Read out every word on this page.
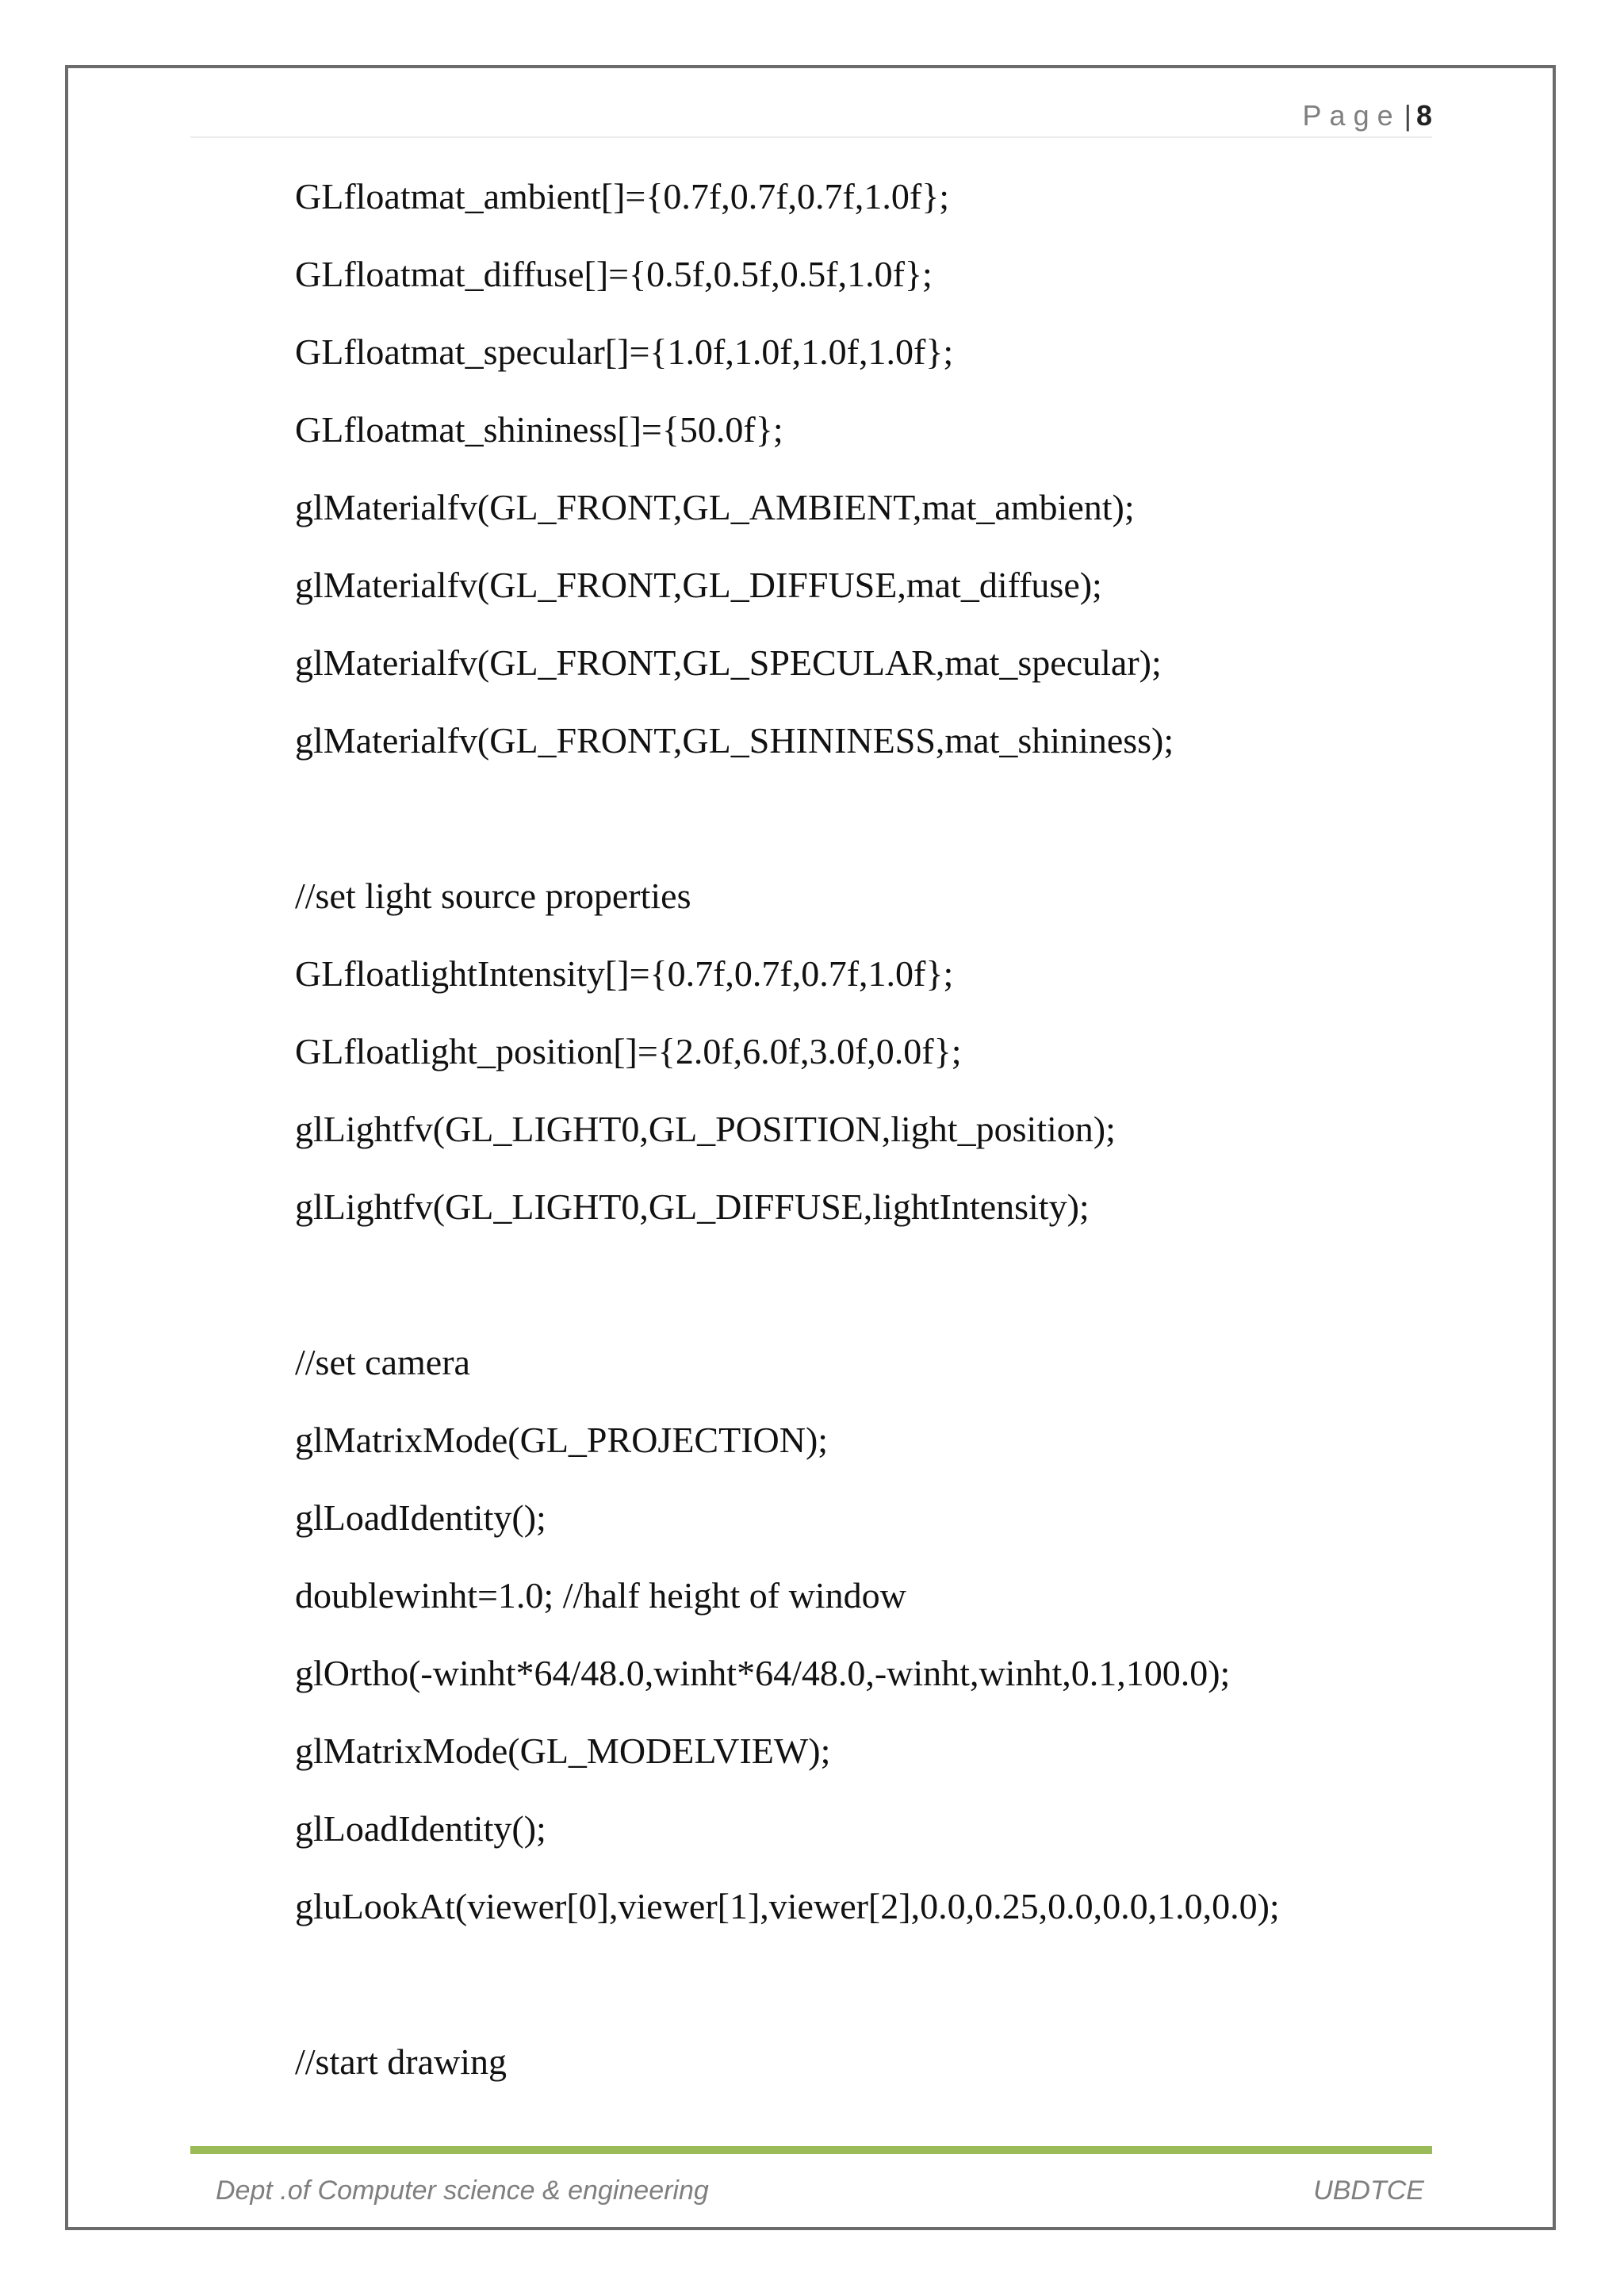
Page | 8
GLfloatmat_ambient[]={0.7f,0.7f,0.7f,1.0f};
GLfloatmat_diffuse[]={0.5f,0.5f,0.5f,1.0f};
GLfloatmat_specular[]={1.0f,1.0f,1.0f,1.0f};
GLfloatmat_shininess[]={50.0f};
glMaterialfv(GL_FRONT,GL_AMBIENT,mat_ambient);
glMaterialfv(GL_FRONT,GL_DIFFUSE,mat_diffuse);
glMaterialfv(GL_FRONT,GL_SPECULAR,mat_specular);
glMaterialfv(GL_FRONT,GL_SHININESS,mat_shininess);
//set light source properties
GLfloatlightIntensity[]={0.7f,0.7f,0.7f,1.0f};
GLfloatlight_position[]={2.0f,6.0f,3.0f,0.0f};
glLightfv(GL_LIGHT0,GL_POSITION,light_position);
glLightfv(GL_LIGHT0,GL_DIFFUSE,lightIntensity);
//set camera
glMatrixMode(GL_PROJECTION);
glLoadIdentity();
doublewinht=1.0; //half height of window
glOrtho(-winht*64/48.0,winht*64/48.0,-winht,winht,0.1,100.0);
glMatrixMode(GL_MODELVIEW);
glLoadIdentity();
gluLookAt(viewer[0],viewer[1],viewer[2],0.0,0.25,0.0,0.0,1.0,0.0);
//start drawing
Dept .of Computer science & engineering	UBDTCE
